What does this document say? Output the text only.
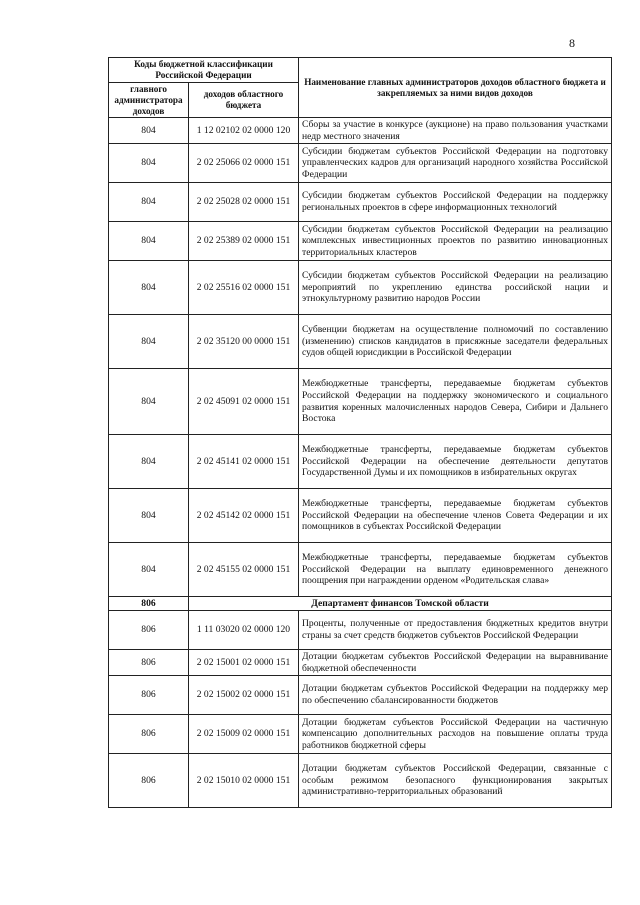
8
Коды бюджетной классификации Российской Федерации		Наименование главных администраторов доходов областного бюджета и закрепляемых за ними видов доходов
главного администратора доходов	доходов областного бюджета	
804	1 12 02102 02 0000 120	Сборы за участие в конкурсе (аукционе) на право пользования участками недр местного значения
804	2 02 25066 02 0000 151	Субсидии бюджетам субъектов Российской Федерации на подготовку управленческих кадров для организаций народного хозяйства Российской Федерации
804	2 02 25028 02 0000 151	Субсидии бюджетам субъектов Российской Федерации на поддержку региональных проектов в сфере информационных технологий
804	2 02 25389 02 0000 151	Субсидии бюджетам субъектов Российской Федерации на реализацию комплексных инвестиционных проектов по развитию инновационных территориальных кластеров
804	2 02 25516 02 0000 151	Субсидии бюджетам субъектов Российской Федерации на реализацию мероприятий по укреплению единства российской нации и этнокультурному развитию народов России
804	2 02 35120 00 0000 151	Субвенции бюджетам на осуществление полномочий по составлению (изменению) списков кандидатов в присяжные заседатели федеральных судов общей юрисдикции в Российской Федерации
804	2 02 45091 02 0000 151	Межбюджетные трансферты, передаваемые бюджетам субъектов Российской Федерации на поддержку экономического и социального развития коренных малочисленных народов Севера, Сибири и Дальнего Востока
804	2 02 45141 02 0000 151	Межбюджетные трансферты, передаваемые бюджетам субъектов Российской Федерации на обеспечение деятельности депутатов Государственной Думы и их помощников в избирательных округах
804	2 02 45142 02 0000 151	Межбюджетные трансферты, передаваемые бюджетам субъектов Российской Федерации на обеспечение членов Совета Федерации и их помощников в субъектах Российской Федерации
804	2 02 45155 02 0000 151	Межбюджетные трансферты, передаваемые бюджетам субъектов Российской Федерации на выплату единовременного денежного поощрения при награждении орденом «Родительская слава»
806	Департамент финансов Томской области	
806	1 11 03020 02 0000 120	Проценты, полученные от предоставления бюджетных кредитов внутри страны за счет средств бюджетов субъектов Российской Федерации
806	2 02 15001 02 0000 151	Дотации бюджетам субъектов Российской Федерации на выравнивание бюджетной обеспеченности
806	2 02 15002 02 0000 151	Дотации бюджетам субъектов Российской Федерации на поддержку мер по обеспечению сбалансированности бюджетов
806	2 02 15009 02 0000 151	Дотации бюджетам субъектов Российской Федерации на частичную компенсацию дополнительных расходов на повышение оплаты труда работников бюджетной сферы
806	2 02 15010 02 0000 151	Дотации бюджетам субъектов Российской Федерации, связанные с особым режимом безопасного функционирования закрытых административно-территориальных образований
